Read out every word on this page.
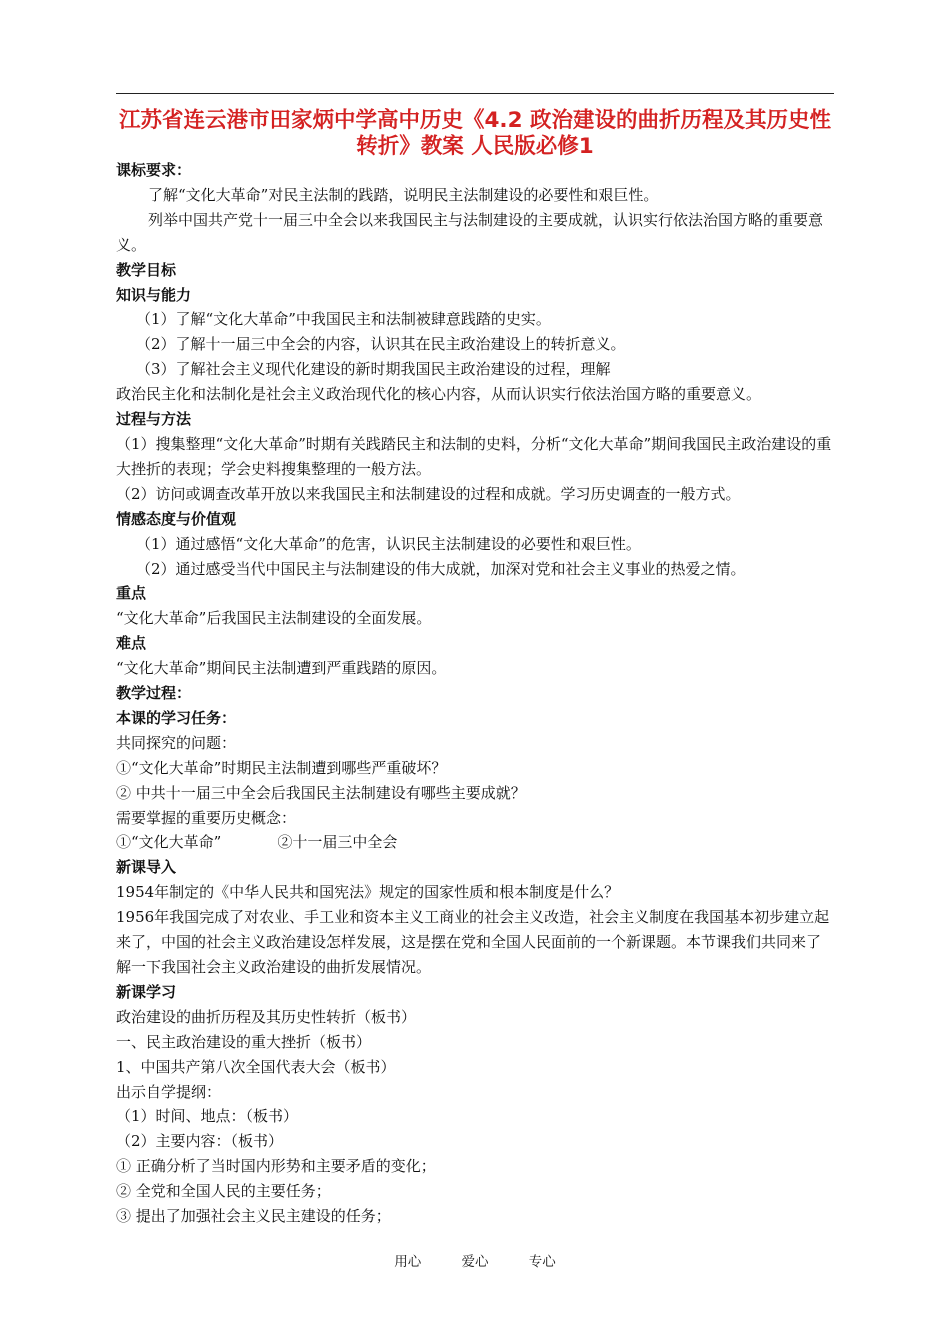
江苏省连云港市田家炳中学高中历史《4.2 政治建设的曲折历程及其历史性转折》教案 人民版必修1

课标要求：

了解“文化大革命”对民主法制的践踏，说明民主法制建设的必要性和艰巨性。

列举中国共产党十一届三中全会以来我国民主与法制建设的主要成就，认识实行依法治国方略的重要意义。

教学目标

知识与能力

（1）了解“文化大革命”中我国民主和法制被肆意践踏的史实。

（2）了解十一届三中全会的内容，认识其在民主政治建设上的转折意义。

（3）了解社会主义现代化建设的新时期我国民主政治建设的过程，理解

政治民主化和法制化是社会主义政治现代化的核心内容，从而认识实行依法治国方略的重要意义。

过程与方法

（1）搜集整理“文化大革命”时期有关践踏民主和法制的史料，分析“文化大革命”期间我国民主政治建设的重大挫折的表现；学会史料搜集整理的一般方法。

（2）访问或调查改革开放以来我国民主和法制建设的过程和成就。学习历史调查的一般方式。

情感态度与价值观

（1）通过感悟“文化大革命”的危害，认识民主法制建设的必要性和艰巨性。

（2）通过感受当代中国民主与法制建设的伟大成就，加深对党和社会主义事业的热爱之情。

重点

“文化大革命”后我国民主法制建设的全面发展。

难点

“文化大革命”期间民主法制遭到严重践踏的原因。

教学过程：

本课的学习任务：

共同探究的问题：

①“文化大革命”时期民主法制遭到哪些严重破坏？

② 中共十一届三中全会后我国民主法制建设有哪些主要成就？

需要掌握的重要历史概念：

①“文化大革命”	②十一届三中全会

新课导入

1954年制定的《中华人民共和国宪法》规定的国家性质和根本制度是什么？

1956年我国完成了对农业、手工业和资本主义工商业的社会主义改造，社会主义制度在我国基本初步建立起来了，中国的社会主义政治建设怎样发展，这是摆在党和全国人民面前的一个新课题。本节课我们共同来了解一下我国社会主义政治建设的曲折发展情况。

新课学习

政治建设的曲折历程及其历史性转折（板书）

一、民主政治建设的重大挫折（板书）

1、中国共产第八次全国代表大会（板书）

出示自学提纲：

（1）时间、地点：（板书）

（2）主要内容：（板书）

① 正确分析了当时国内形势和主要矛盾的变化；

② 全党和全国人民的主要任务；

③ 提出了加强社会主义民主建设的任务；

用心	爱心	专心
